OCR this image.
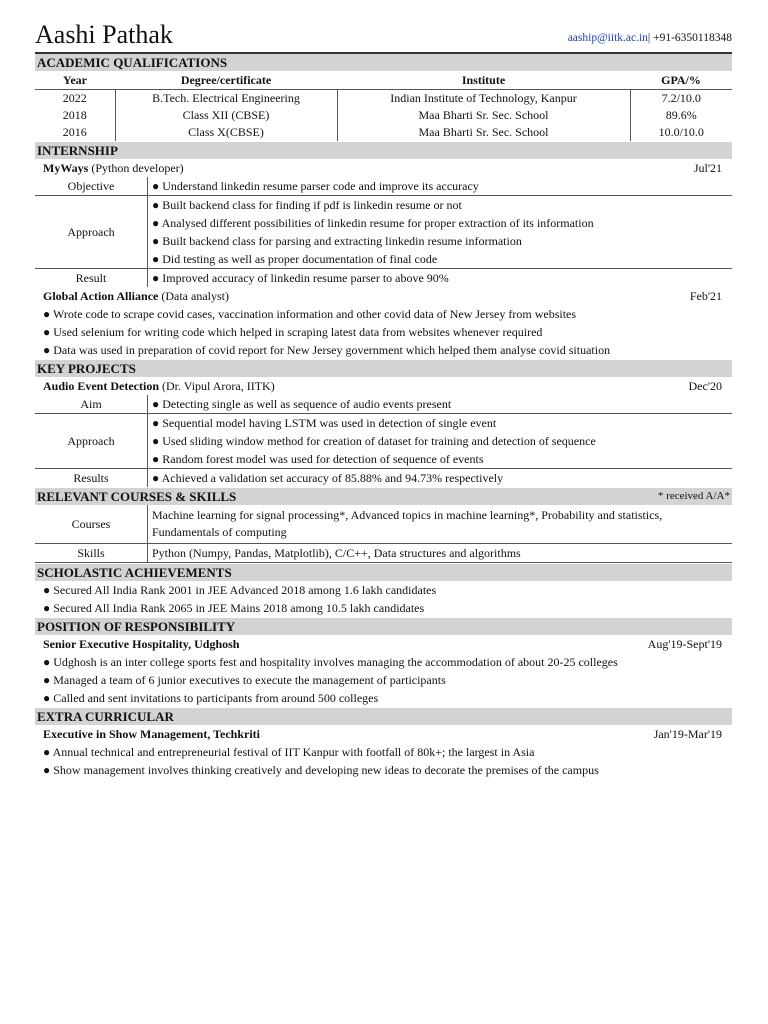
Aashi Pathak	aaship@iitk.ac.in| +91-6350118348
ACADEMIC QUALIFICATIONS
Year	Degree/certificate	Institute	GPA/%
2022	B.Tech. Electrical Engineering	Indian Institute of Technology, Kanpur	7.2/10.0
2018	Class XII (CBSE)	Maa Bharti Sr. Sec. School	89.6%
2016	Class X(CBSE)	Maa Bharti Sr. Sec. School	10.0/10.0
INTERNSHIP
MyWays (Python developer)	Jul'21
Objective	● Understand linkedin resume parser code and improve its accuracy

Approach	● Built backend class for finding if pdf is linkedin resume or not
● Analysed different possibilities of linkedin resume for proper extraction of its information
● Built backend class for parsing and extracting linkedin resume information
● Did testing as well as proper documentation of final code

Result	● Improved accuracy of linkedin resume parser to above 90%
Global Action Alliance (Data analyst)	Feb'21
● Wrote code to scrape covid cases, vaccination information and other covid data of New Jersey from websites
● Used selenium for writing code which helped in scraping latest data from websites whenever required
● Data was used in preparation of covid report for New Jersey government which helped them analyse covid situation
KEY PROJECTS
Audio Event Detection (Dr. Vipul Arora, IITK)	Dec'20
Aim	● Detecting single as well as sequence of audio events present

Approach	● Sequential model having LSTM was used in detection of single event
● Used sliding window method for creation of dataset for training and detection of sequence
● Random forest model was used for detection of sequence of events

Results	● Achieved a validation set accuracy of 85.88% and 94.73% respectively
RELEVANT COURSES & SKILLS	* received A/A*
Courses	Machine learning for signal processing*, Advanced topics in machine learning*, Probability and statistics, Fundamentals of computing
Skills	Python (Numpy, Pandas, Matplotlib), C/C++, Data structures and algorithms
SCHOLASTIC ACHIEVEMENTS
● Secured All India Rank 2001 in JEE Advanced 2018 among 1.6 lakh candidates
● Secured All India Rank 2065 in JEE Mains 2018 among 10.5 lakh candidates
POSITION OF RESPONSIBILITY
Senior Executive Hospitality, Udghosh	Aug'19-Sept'19
● Udghosh is an inter college sports fest and hospitality involves managing the accommodation of about 20-25 colleges
● Managed a team of 6 junior executives to execute the management of participants
● Called and sent invitations to participants from around 500 colleges
EXTRA CURRICULAR
Executive in Show Management, Techkriti	Jan'19-Mar'19
● Annual technical and entrepreneurial festival of IIT Kanpur with footfall of 80k+; the largest in Asia
● Show management involves thinking creatively and developing new ideas to decorate the premises of the campus
